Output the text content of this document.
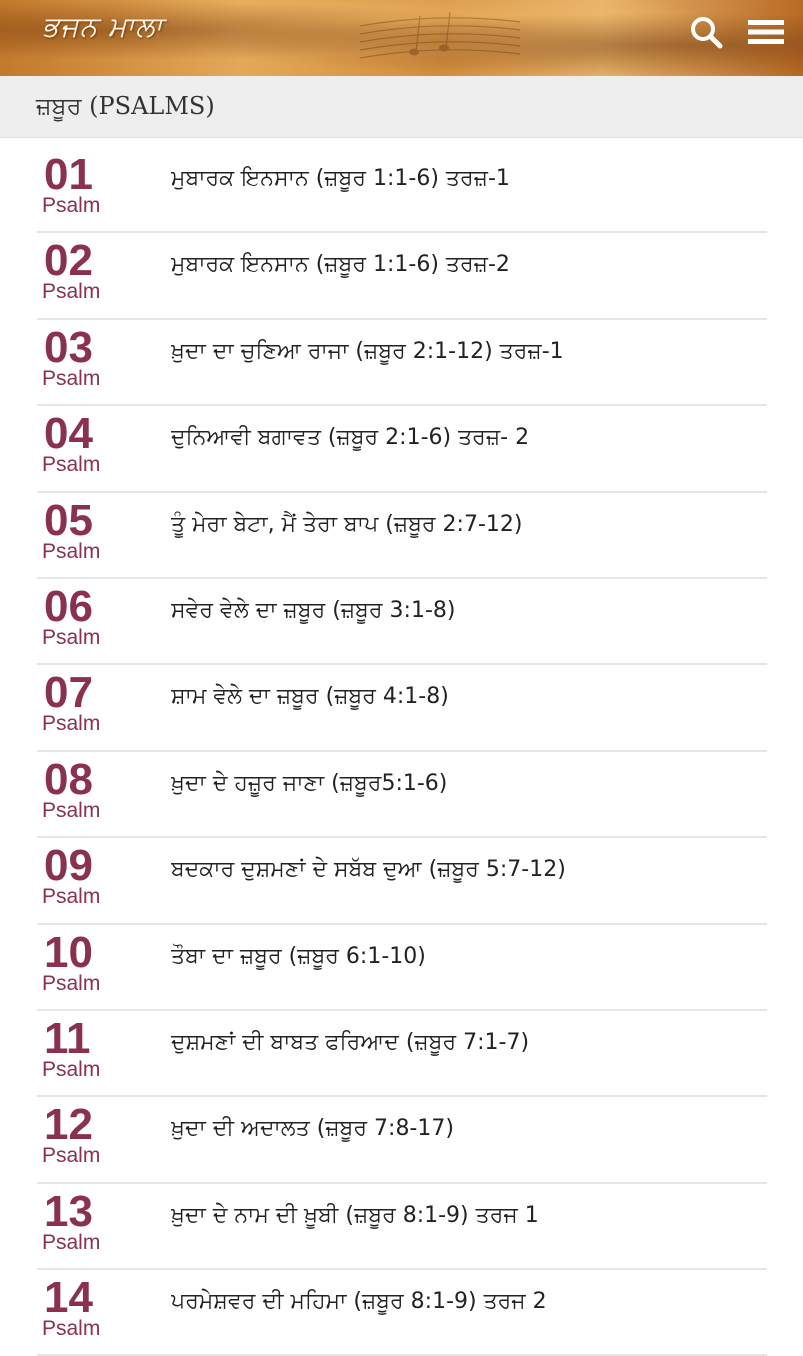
ਭਜਨ ਮਾਲਾ
ਜ਼ਬੂਰ (PSALMS)
01
Psalm
ਮੁਬਾਰਕ ਇਨਸਾਨ (ਜ਼ਬੂਰ 1:1-6) ਤਰਜ਼-1
02
Psalm
ਮੁਬਾਰਕ ਇਨਸਾਨ (ਜ਼ਬੂਰ 1:1-6) ਤਰਜ਼-2
03
Psalm
ਖ਼ੁਦਾ ਦਾ ਚੁਣਿਆ ਰਾਜਾ (ਜ਼ਬੂਰ 2:1-12) ਤਰਜ਼-1
04
Psalm
ਦੁਨਿਆਵੀ ਬਗਾਵਤ (ਜ਼ਬੂਰ 2:1-6) ਤਰਜ਼- 2
05
Psalm
ਤੂੰ ਮੇਰਾ ਬੇਟਾ, ਮੈਂ ਤੇਰਾ ਬਾਪ (ਜ਼ਬੂਰ 2:7-12)
06
Psalm
ਸਵੇਰ ਵੇਲੇ ਦਾ ਜ਼ਬੂਰ (ਜ਼ਬੂਰ 3:1-8)
07
Psalm
ਸ਼ਾਮ ਵੇਲੇ ਦਾ ਜ਼ਬੂਰ (ਜ਼ਬੂਰ 4:1-8)
08
Psalm
ਖ਼ੁਦਾ ਦੇ ਹਜ਼ੂਰ ਜਾਣਾ (ਜ਼ਬੂਰ5:1-6)
09
Psalm
ਬਦਕਾਰ ਦੁਸ਼ਮਣਾਂ ਦੇ ਸਬੱਬ ਦੁਆ (ਜ਼ਬੂਰ 5:7-12)
10
Psalm
ਤੌਬਾ ਦਾ ਜ਼ਬੂਰ (ਜ਼ਬੂਰ 6:1-10)
11
Psalm
ਦੁਸ਼ਮਣਾਂ ਦੀ ਬਾਬਤ ਫਰਿਆਦ (ਜ਼ਬੂਰ 7:1-7)
12
Psalm
ਖ਼ੁਦਾ ਦੀ ਅਦਾਲਤ (ਜ਼ਬੂਰ 7:8-17)
13
Psalm
ਖ਼ੁਦਾ ਦੇ ਨਾਮ ਦੀ ਖ਼ੂਬੀ (ਜ਼ਬੂਰ 8:1-9) ਤਰਜ 1
14
Psalm
ਪਰਮੇਸ਼ਵਰ ਦੀ ਮਹਿਮਾ (ਜ਼ਬੂਰ 8:1-9) ਤਰਜ 2
